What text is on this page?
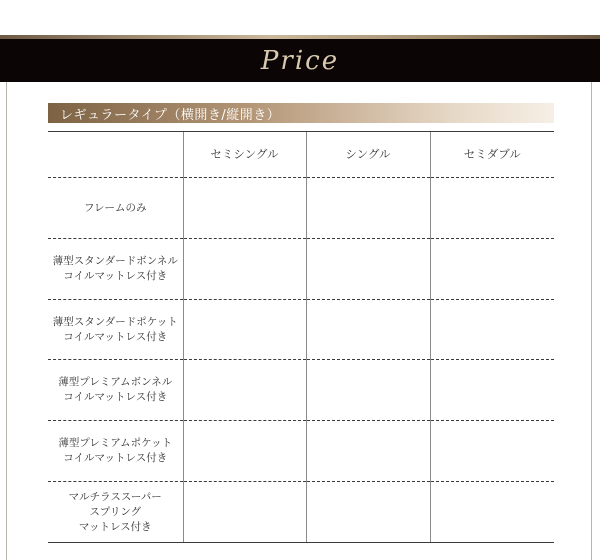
Price
レギュラータイプ（横開き/縦開き）
	セミシングル	シングル	セミダブル

フレームのみ			

薄型スタンダードボンネル
コイルマットレス付き			

薄型スタンダードポケット
コイルマットレス付き			

薄型プレミアムボンネル
コイルマットレス付き			

薄型プレミアムポケット
コイルマットレス付き			

マルチラススーパー
スプリング
マットレス付き			
